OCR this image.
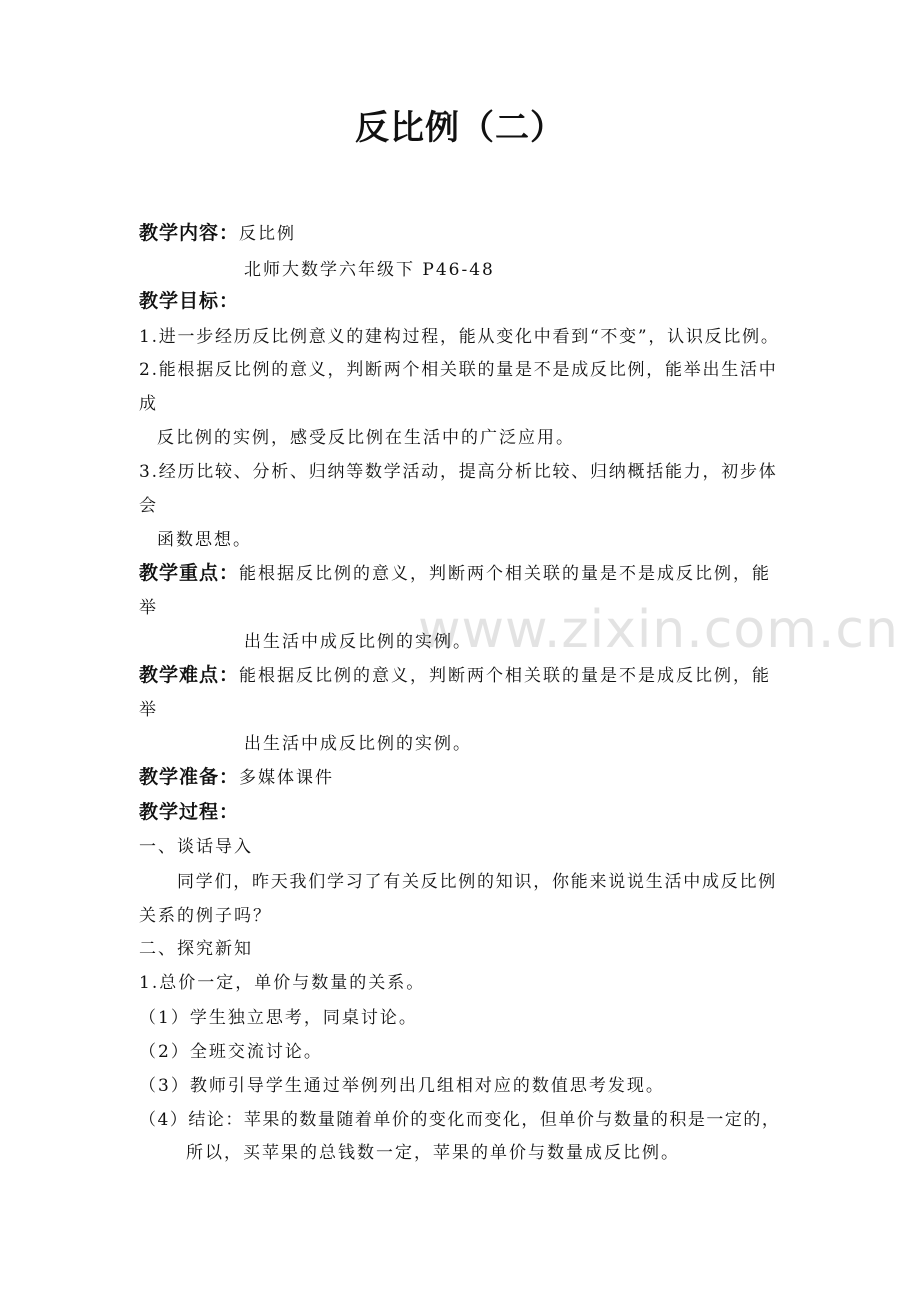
www.zixin.com.cn
反比例（二）
教学内容：反比例
北师大数学六年级下 P46-48
教学目标：
1.进一步经历反比例意义的建构过程，能从变化中看到“不变”，认识反比例。
2.能根据反比例的意义，判断两个相关联的量是不是成反比例，能举出生活中
成
反比例的实例，感受反比例在生活中的广泛应用。
3.经历比较、分析、归纳等数学活动，提高分析比较、归纳概括能力，初步体
会
函数思想。
教学重点：能根据反比例的意义，判断两个相关联的量是不是成反比例，能
举
出生活中成反比例的实例。
教学难点：能根据反比例的意义，判断两个相关联的量是不是成反比例，能
举
出生活中成反比例的实例。
教学准备：多媒体课件
教学过程：
一、谈话导入
同学们，昨天我们学习了有关反比例的知识，你能来说说生活中成反比例
关系的例子吗？
二、探究新知
1.总价一定，单价与数量的关系。
（1）学生独立思考，同桌讨论。
（2）全班交流讨论。
（3）教师引导学生通过举例列出几组相对应的数值思考发现。
（4）结论：苹果的数量随着单价的变化而变化，但单价与数量的积是一定的，
所以，买苹果的总钱数一定，苹果的单价与数量成反比例。
